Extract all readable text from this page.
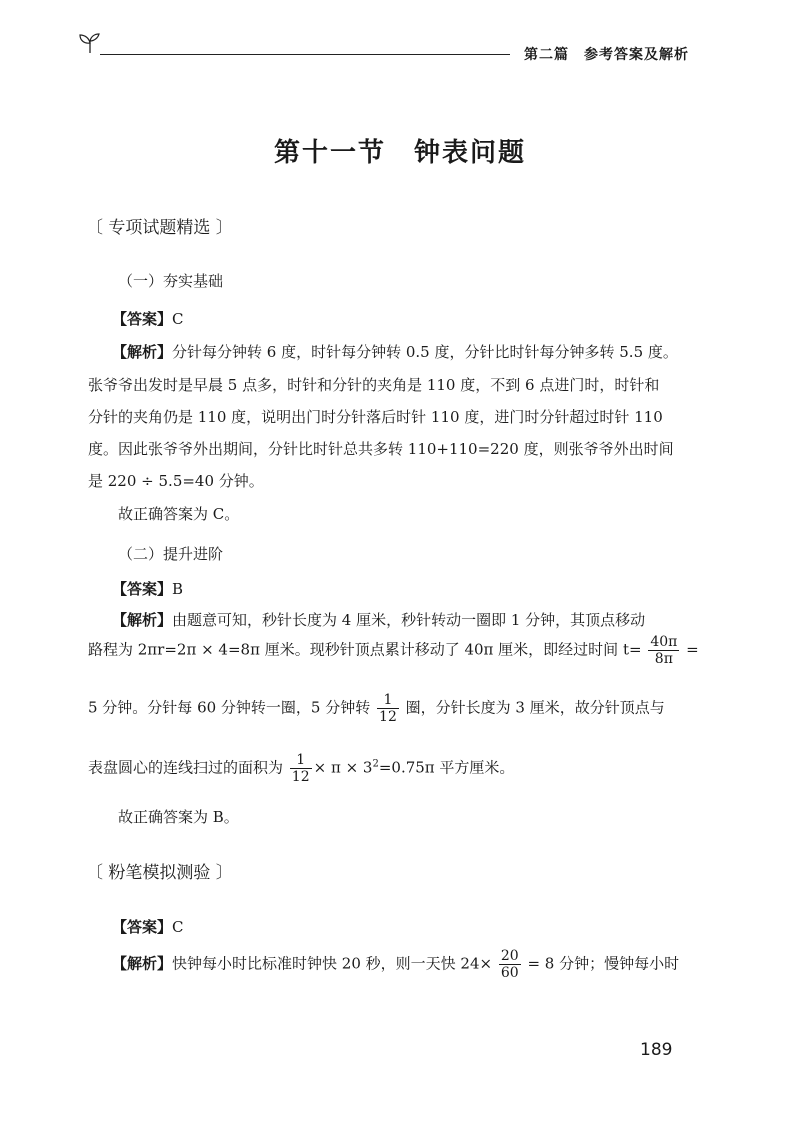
第二篇　参考答案及解析
第十一节　钟表问题
〔 专项试题精选 〕
（一）夯实基础
【答案】C
【解析】分针每分钟转 6 度，时针每分钟转 0.5 度，分针比时针每分钟多转 5.5 度。
张爷爷出发时是早晨 5 点多，时针和分针的夹角是 110 度，不到 6 点进门时，时针和
分针的夹角仍是 110 度，说明出门时分针落后时针 110 度，进门时分针超过时针 110
度。因此张爷爷外出期间，分针比时针总共多转 110+110=220 度，则张爷爷外出时间
是 220 ÷ 5.5=40 分钟。
故正确答案为 C。
（二）提升进阶
【答案】B
【解析】由题意可知，秒针长度为 4 厘米，秒针转动一圈即 1 分钟，其顶点移动
路程为 2πr=2π × 4=8π 厘米。现秒针顶点累计移动了 40π 厘米，即经过时间 $t= \frac{40\pi}{8\pi}$ =
5 分钟。分针每 60 分钟转一圈，5 分钟转 $\frac{1}{12}$ 圈，分针长度为 3 厘米，故分针顶点与
表盘圆心的连线扫过的面积为 $\frac{1}{12} \times \pi \times 3^2=0.75\pi$ 平方厘米。
故正确答案为 B。
〔 粉笔模拟测验 〕
【答案】C
【解析】快钟每小时比标准时钟快 20 秒，则一天快 $24\times \frac{20}{60} = 8$ 分钟；慢钟每小时
189
